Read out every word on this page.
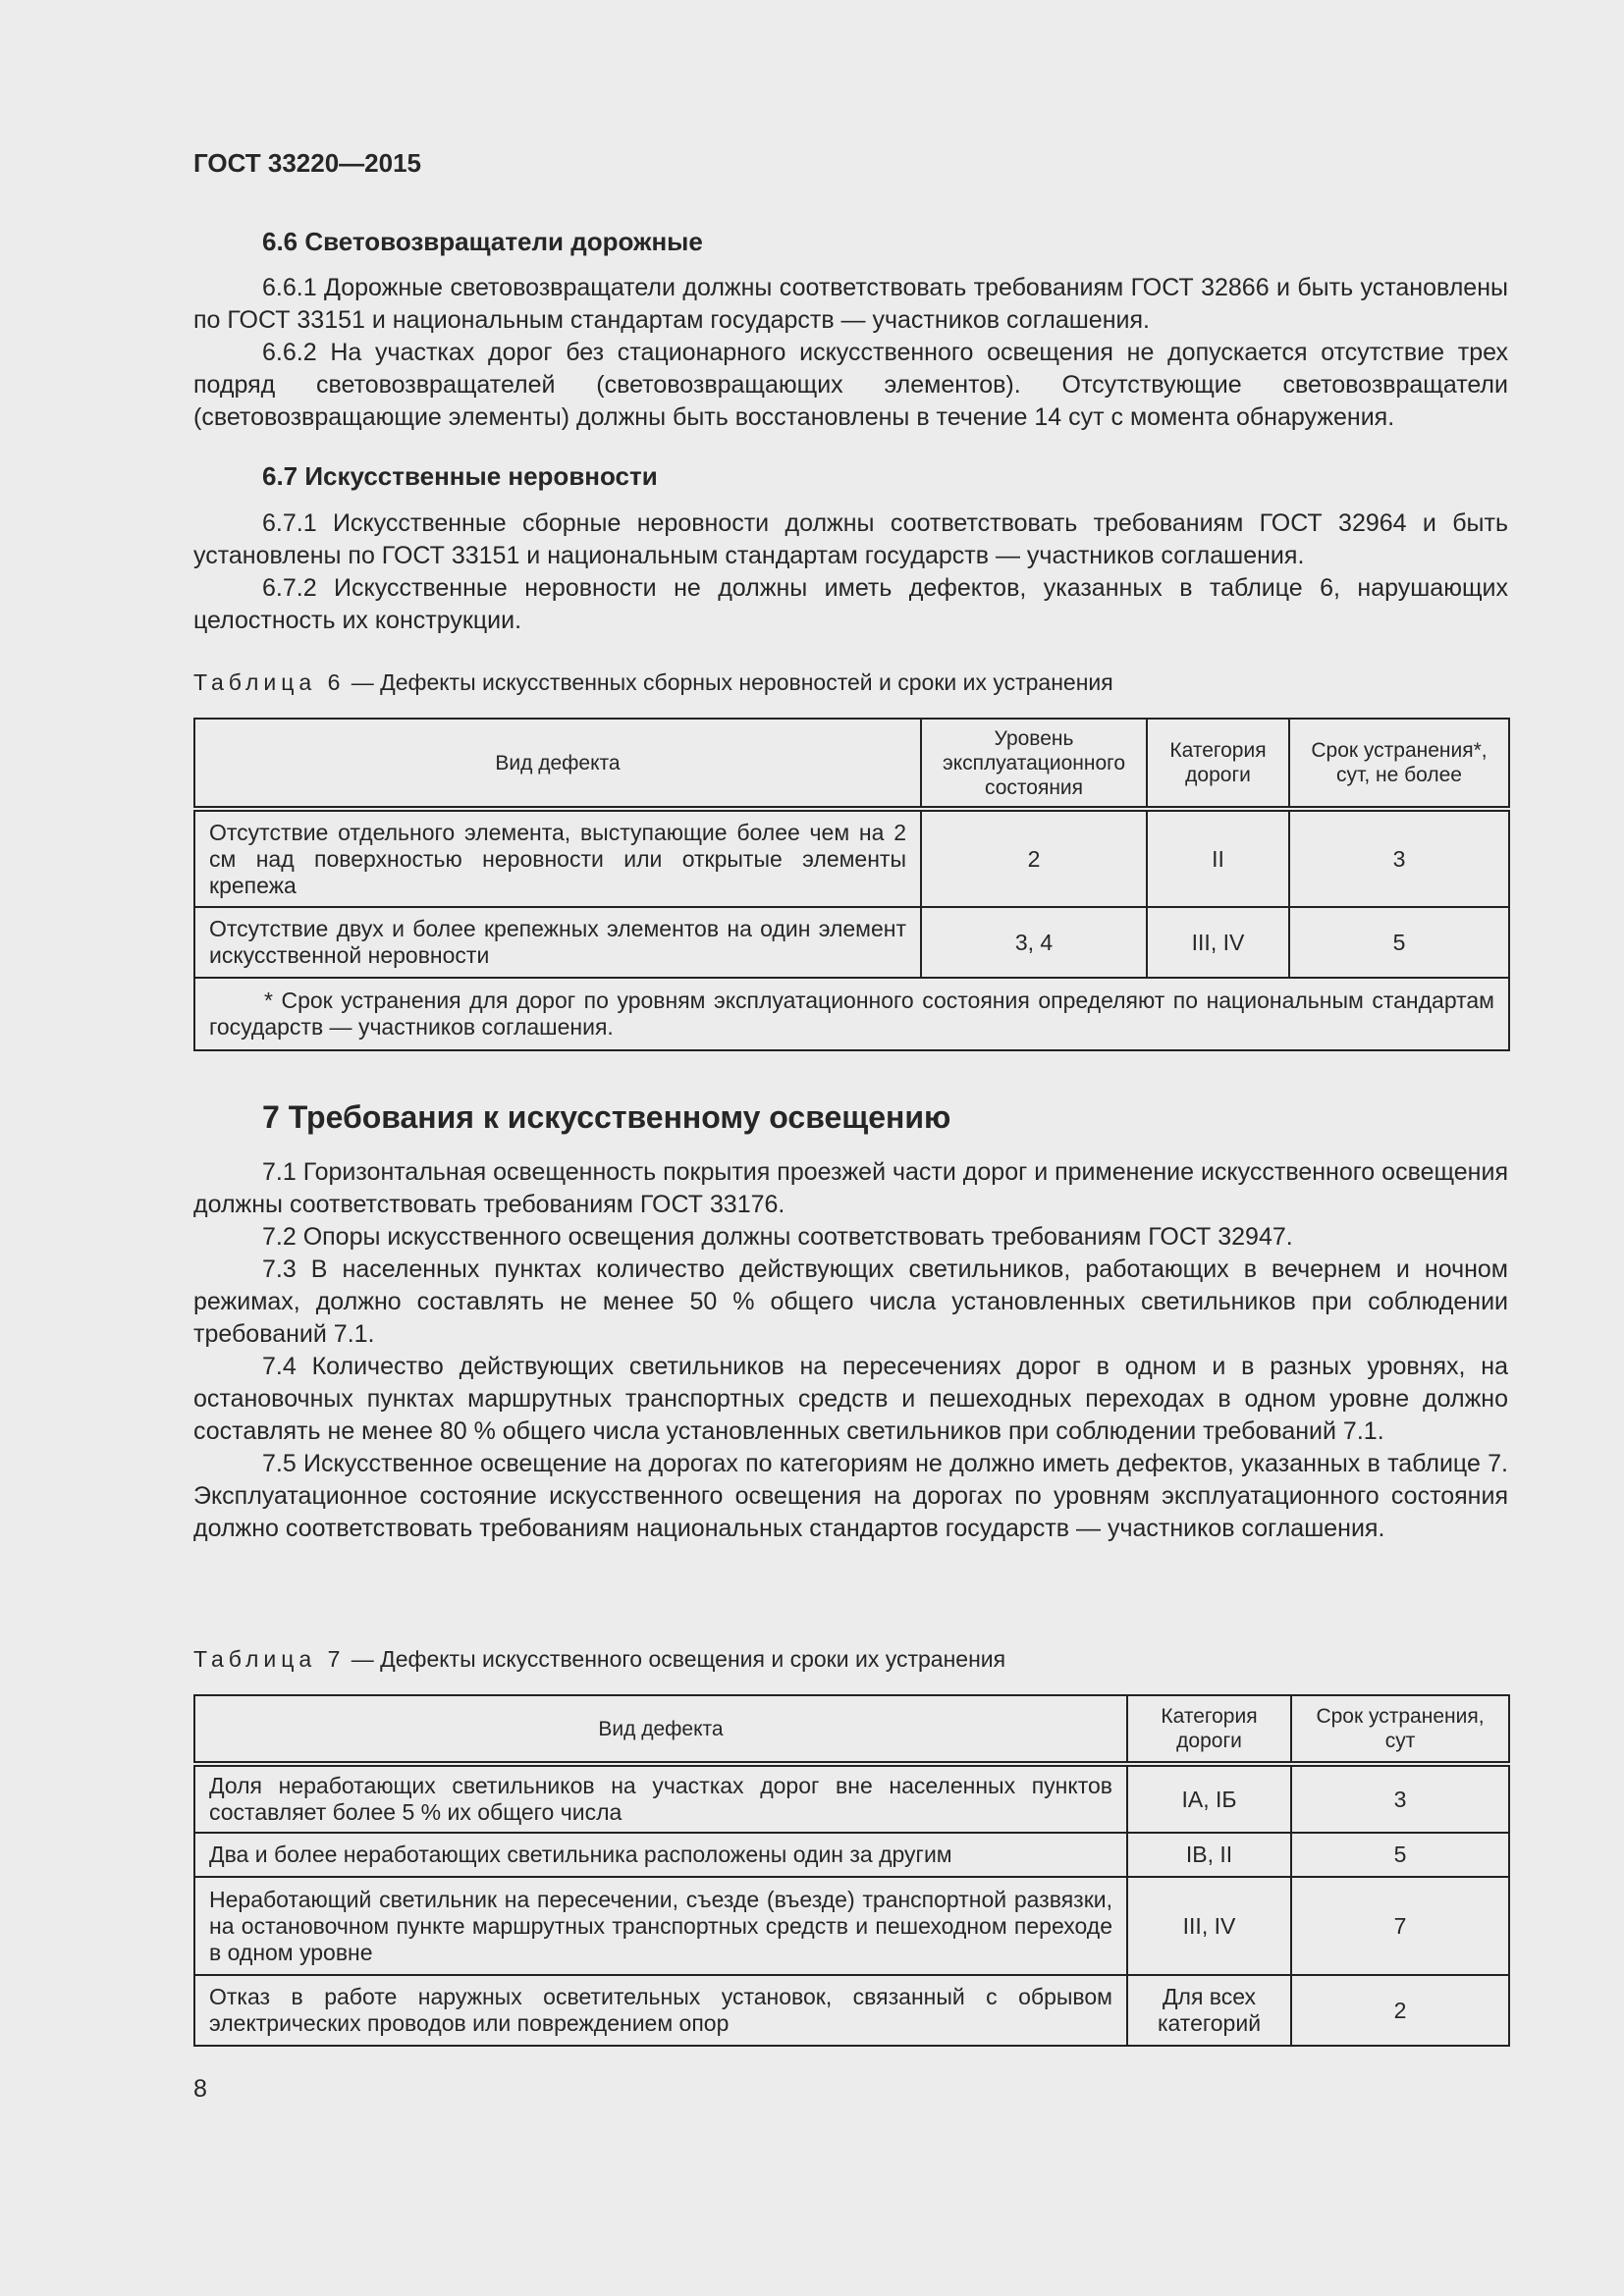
ГОСТ 33220—2015
6.6 Световозвращатели дорожные

6.6.1 Дорожные световозвращатели должны соответствовать требованиям ГОСТ 32866 и быть установлены по ГОСТ 33151 и национальным стандартам государств — участников соглашения.

6.6.2 На участках дорог без стационарного искусственного освещения не допускается отсутствие трех подряд световозвращателей (световозвращающих элементов). Отсутствующие световозвращатели (световозвращающие элементы) должны быть восстановлены в течение 14 сут с момента обнаружения.

6.7 Искусственные неровности

6.7.1 Искусственные сборные неровности должны соответствовать требованиям ГОСТ 32964 и быть установлены по ГОСТ 33151 и национальным стандартам государств — участников соглашения.

6.7.2 Искусственные неровности не должны иметь дефектов, указанных в таблице 6, нарушающих целостность их конструкции.

Таблица 6 — Дефекты искусственных сборных неровностей и сроки их устранения
Вид дефекта	Уровень эксплуатационного состояния	Категория дороги	Срок устранения*, сут, не более
Отсутствие отдельного элемента, выступающие более чем на 2 см над поверхностью неровности или открытые элементы крепежа	2	II	3
Отсутствие двух и более крепежных элементов на один элемент искусственной неровности	3, 4	III, IV	5
* Срок устранения для дорог по уровням эксплуатационного состояния определяют по национальным стандартам государств — участников соглашения.			
7 Требования к искусственному освещению

7.1 Горизонтальная освещенность покрытия проезжей части дорог и применение искусственного освещения должны соответствовать требованиям ГОСТ 33176.

7.2 Опоры искусственного освещения должны соответствовать требованиям ГОСТ 32947.

7.3 В населенных пунктах количество действующих светильников, работающих в вечернем и ночном режимах, должно составлять не менее 50 % общего числа установленных светильников при соблюдении требований 7.1.

7.4 Количество действующих светильников на пересечениях дорог в одном и в разных уровнях, на остановочных пунктах маршрутных транспортных средств и пешеходных переходах в одном уровне должно составлять не менее 80 % общего числа установленных светильников при соблюдении требований 7.1.

7.5 Искусственное освещение на дорогах по категориям не должно иметь дефектов, указанных в таблице 7. Эксплуатационное состояние искусственного освещения на дорогах по уровням эксплуатационного состояния должно соответствовать требованиям национальных стандартов государств — участников соглашения.

Таблица 7 — Дефекты искусственного освещения и сроки их устранения
Вид дефекта	Категория дороги	Срок устранения, сут
Доля неработающих светильников на участках дорог вне населенных пунктов составляет более 5 % их общего числа	IA, IБ	3
Два и более неработающих светильника расположены один за другим	IB, II	5
Неработающий светильник на пересечении, съезде (въезде) транспортной развязки, на остановочном пункте маршрутных транспортных средств и пешеходном переходе в одном уровне	III, IV	7
Отказ в работе наружных осветительных установок, связанный с обрывом электрических проводов или повреждением опор	Для всех категорий	2
8
